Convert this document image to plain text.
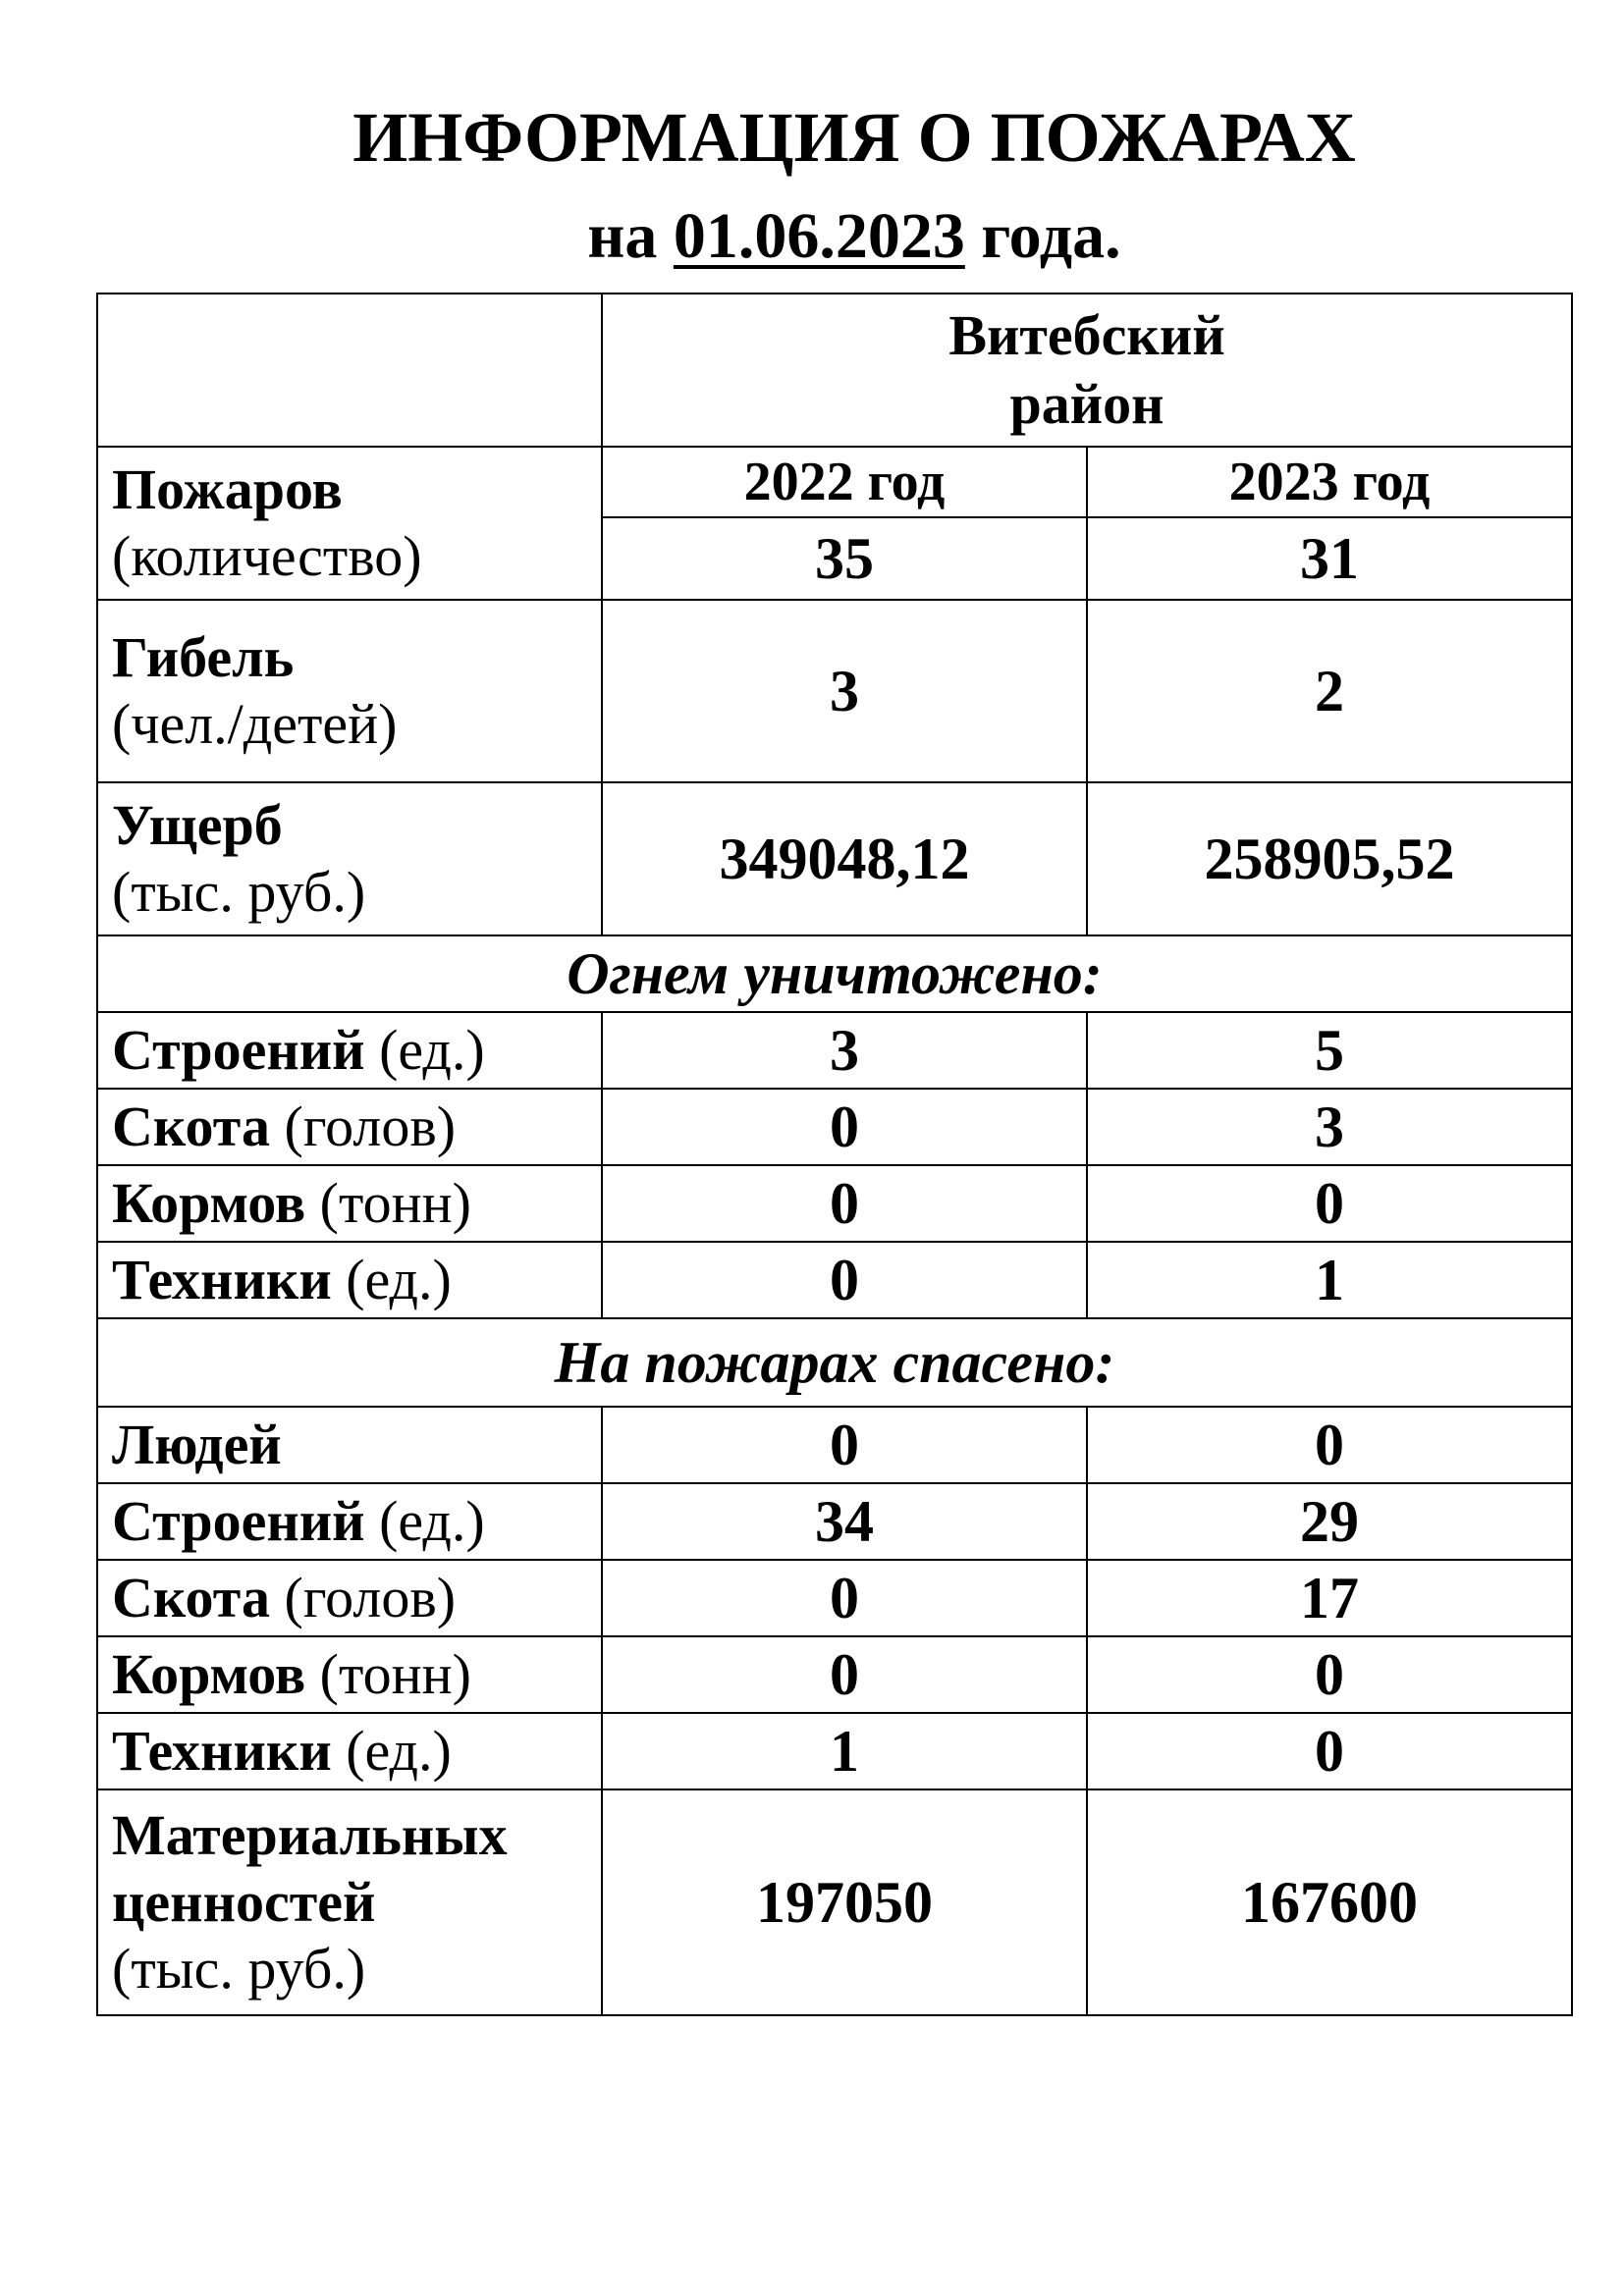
ИНФОРМАЦИЯ О ПОЖАРАХ
на 01.06.2023 года.
	Витебский
район	
Пожаров
(количество)	2022 год	2023 год
	35	31
Гибель
(чел./детей)	3	2
Ущерб
(тыс. руб.)	349048,12	258905,52
Огнем уничтожено:		
Строений (ед.)	3	5
Скота (голов)	0	3
Кормов (тонн)	0	0
Техники (ед.)	0	1
На пожарах спасено:		
Людей	0	0
Строений (ед.)	34	29
Скота (голов)	0	17
Кормов (тонн)	0	0
Техники (ед.)	1	0
Материальных
ценностей
(тыс. руб.)	197050	167600
